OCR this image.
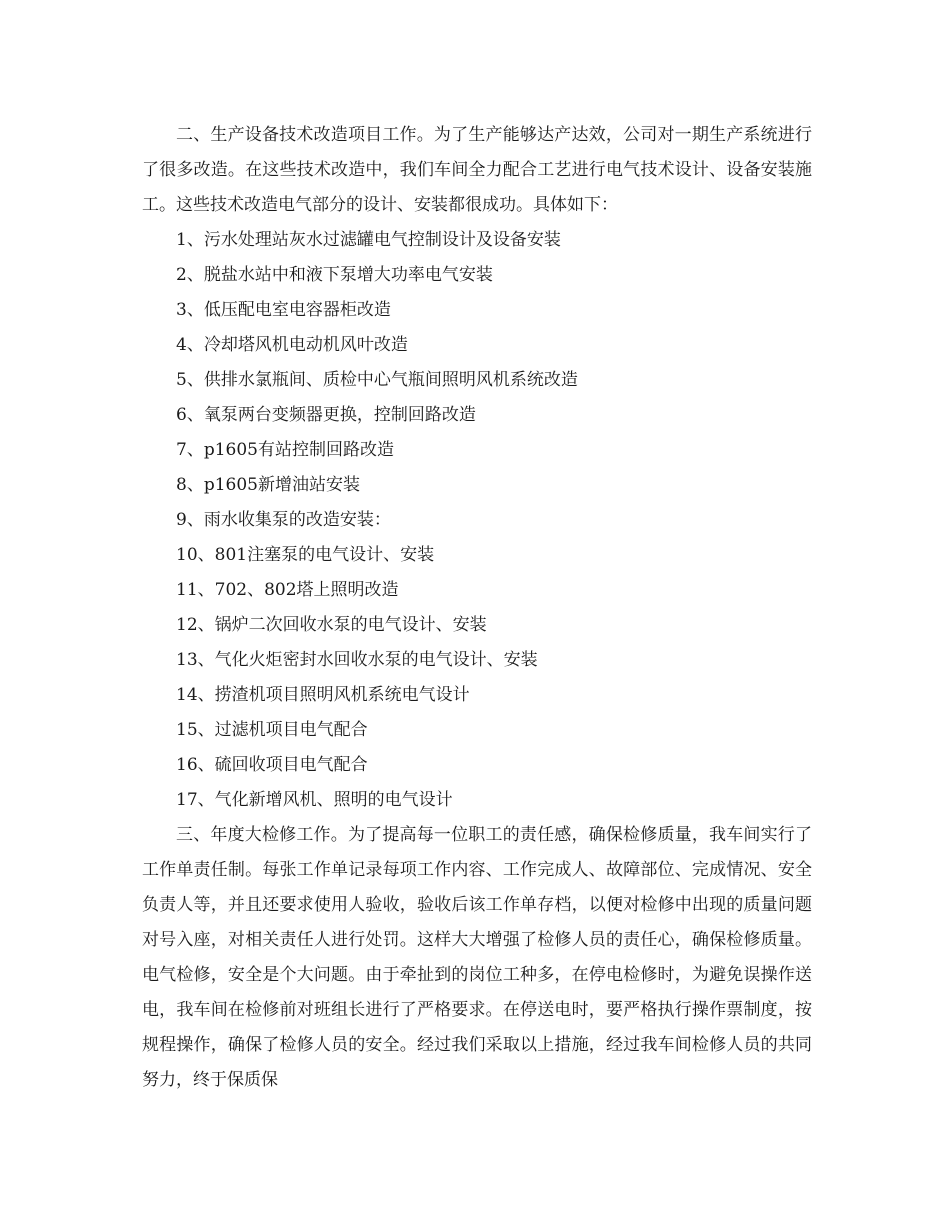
二、生产设备技术改造项目工作。为了生产能够达产达效，公司对一期生产系统进行了很多改造。在这些技术改造中，我们车间全力配合工艺进行电气技术设计、设备安装施工。这些技术改造电气部分的设计、安装都很成功。具体如下：

1、污水处理站灰水过滤罐电气控制设计及设备安装
2、脱盐水站中和液下泵增大功率电气安装
3、低压配电室电容器柜改造
4、冷却塔风机电动机风叶改造
5、供排水氯瓶间、质检中心气瓶间照明风机系统改造
6、氧泵两台变频器更换，控制回路改造
7、p1605有站控制回路改造
8、p1605新增油站安装
9、雨水收集泵的改造安装：
10、801注塞泵的电气设计、安装
11、702、802塔上照明改造
12、锅炉二次回收水泵的电气设计、安装
13、气化火炬密封水回收水泵的电气设计、安装
14、捞渣机项目照明风机系统电气设计
15、过滤机项目电气配合
16、硫回收项目电气配合
17、气化新增风机、照明的电气设计

三、年度大检修工作。为了提高每一位职工的责任感，确保检修质量，我车间实行了工作单责任制。每张工作单记录每项工作内容、工作完成人、故障部位、完成情况、安全负责人等，并且还要求使用人验收，验收后该工作单存档，以便对检修中出现的质量问题对号入座，对相关责任人进行处罚。这样大大增强了检修人员的责任心，确保检修质量。电气检修，安全是个大问题。由于牵扯到的岗位工种多，在停电检修时，为避免误操作送电，我车间在检修前对班组长进行了严格要求。在停送电时，要严格执行操作票制度，按规程操作，确保了检修人员的安全。经过我们采取以上措施，经过我车间检修人员的共同努力，终于保质保
